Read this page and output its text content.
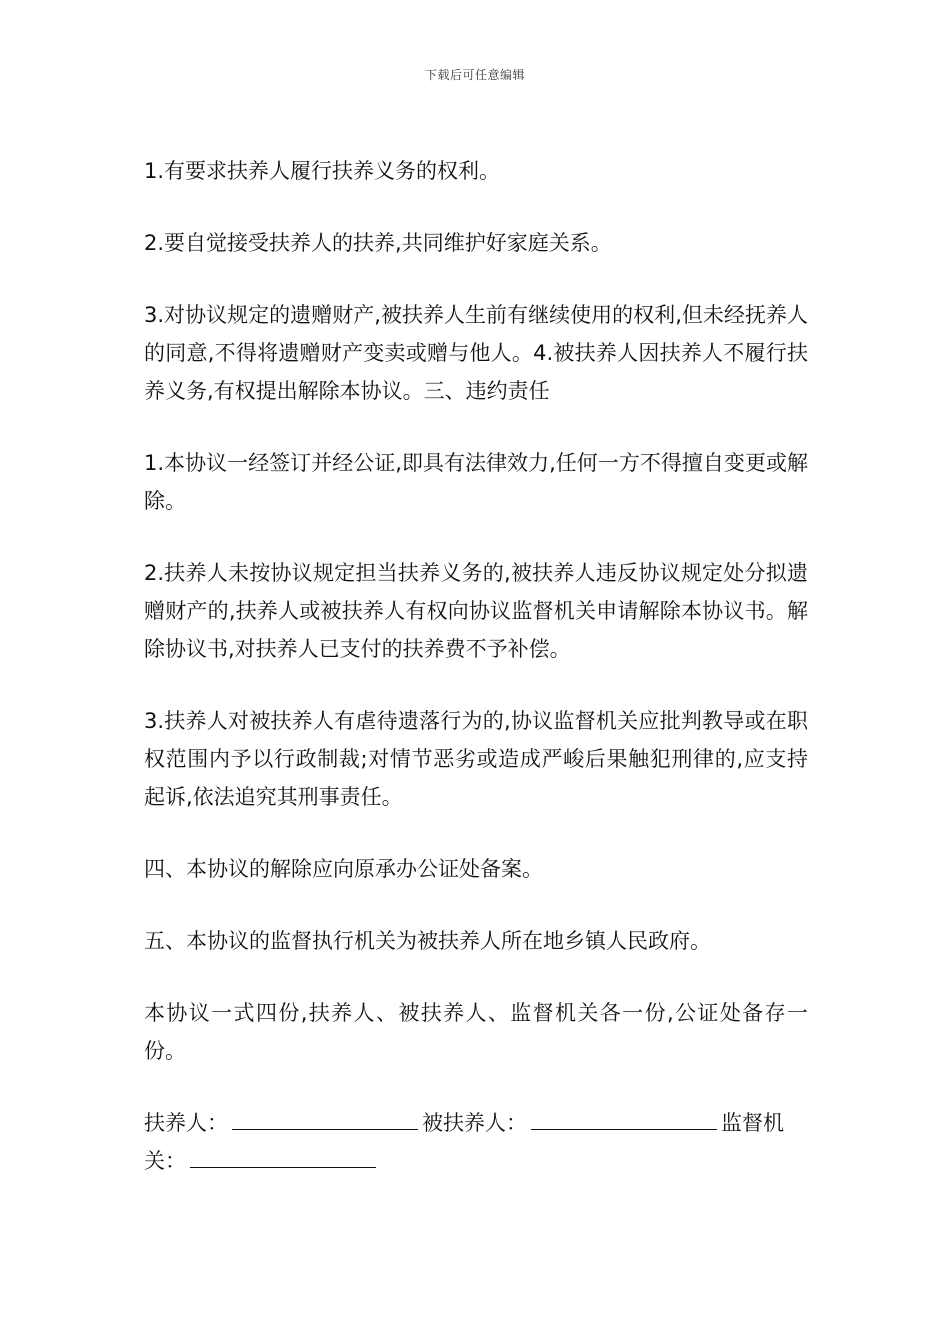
下载后可任意编辑

1.有要求扶养人履行扶养义务的权利。

2.要自觉接受扶养人的扶养,共同维护好家庭关系。

3.对协议规定的遗赠财产,被扶养人生前有继续使用的权利,但未经抚养人的同意,不得将遗赠财产变卖或赠与他人。4.被扶养人因扶养人不履行扶养义务,有权提出解除本协议。三、违约责任

1.本协议一经签订并经公证,即具有法律效力,任何一方不得擅自变更或解除。

2.扶养人未按协议规定担当扶养义务的,被扶养人违反协议规定处分拟遗赠财产的,扶养人或被扶养人有权向协议监督机关申请解除本协议书。解除协议书,对扶养人已支付的扶养费不予补偿。

3.扶养人对被扶养人有虐待遗落行为的,协议监督机关应批判教导或在职权范围内予以行政制裁;对情节恶劣或造成严峻后果触犯刑律的,应支持起诉,依法追究其刑事责任。

四、本协议的解除应向原承办公证处备案。

五、本协议的监督执行机关为被扶养人所在地乡镇人民政府。

本协议一式四份,扶养人、被扶养人、监督机关各一份,公证处备存一份。

扶养人：	被扶养人：	监督机关：
